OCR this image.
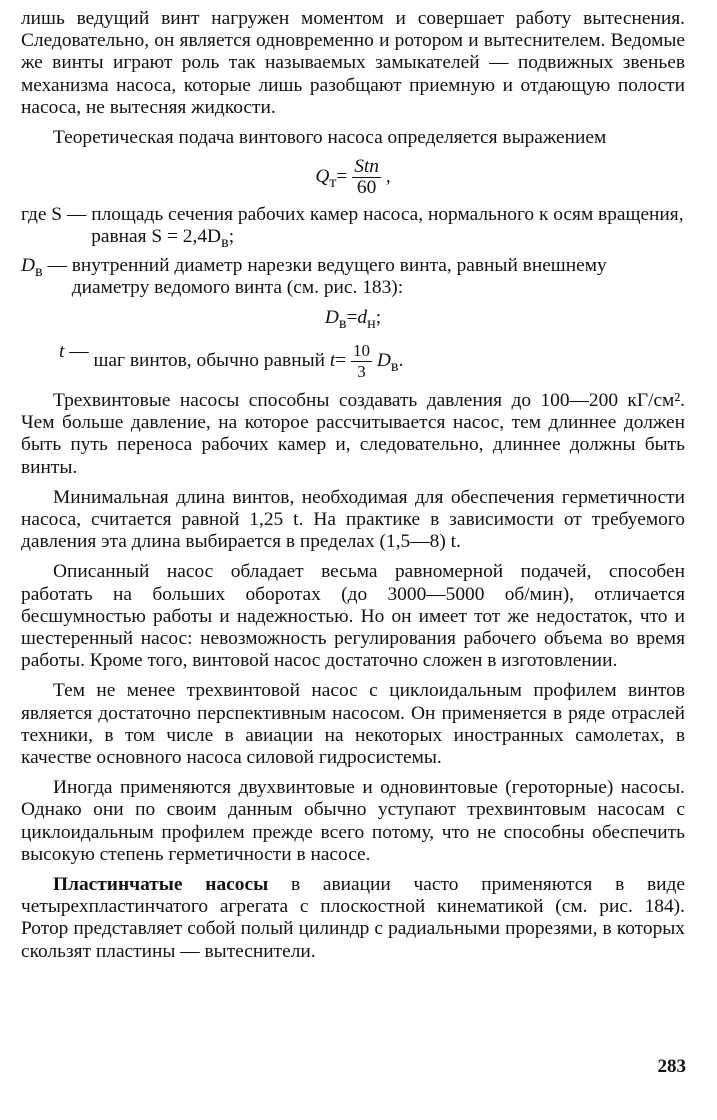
лишь ведущий винт нагружен моментом и совершает работу вытеснения. Следовательно, он является одновременно и ротором и вытеснителем. Ведомые же винты играют роль так называемых замыкателей — подвижных звеньев механизма насоса, которые лишь разобщают приемную и отдающую полости насоса, не вытесняя жидкости.

Теоретическая подача винтового насоса определяется выражением

$Q_т= \frac{\text{Stn}}{60}$ ,
где S — площадь сечения рабочих камер насоса, нормального к осям вращения, равная $S = 2,4D_в$;
$D_в$ — внутренний диаметр нарезки ведущего винта, равный внешнему диаметру ведомого винта (см. рис. 183):
$D_в=d_н$;
t — шаг винтов, обычно равный $t= \frac{10}{3} D_в$.

Трехвинтовые насосы способны создавать давления до 100—200 кГ/см². Чем больше давление, на которое рассчитывается насос, тем длиннее должен быть путь переноса рабочих камер и, следовательно, длиннее должны быть винты.

Минимальная длина винтов, необходимая для обеспечения герметичности насоса, считается равной 1,25 t. На практике в зависимости от требуемого давления эта длина выбирается в пределах (1,5—8) t.

Описанный насос обладает весьма равномерной подачей, способен работать на больших оборотах (до 3000—5000 об/мин), отличается бесшумностью работы и надежностью. Но он имеет тот же недостаток, что и шестеренный насос: невозможность регулирования рабочего объема во время работы. Кроме того, винтовой насос достаточно сложен в изготовлении.

Тем не менее трехвинтовой насос с циклоидальным профилем винтов является достаточно перспективным насосом. Он применяется в ряде отраслей техники, в том числе в авиации на некоторых иностранных самолетах, в качестве основного насоса силовой гидросистемы.

Иногда применяются двухвинтовые и одновинтовые (героторные) насосы. Однако они по своим данным обычно уступают трехвинтовым насосам с циклоидальным профилем прежде всего потому, что не способны обеспечить высокую степень герметичности в насосе.

Пластинчатые насосы в авиации часто применяются в виде четырехпластинчатого агрегата с плоскостной кинематикой (см. рис. 184). Ротор представляет собой полый цилиндр с радиальными прорезями, в которых скользят пластины — вытеснители.

283
